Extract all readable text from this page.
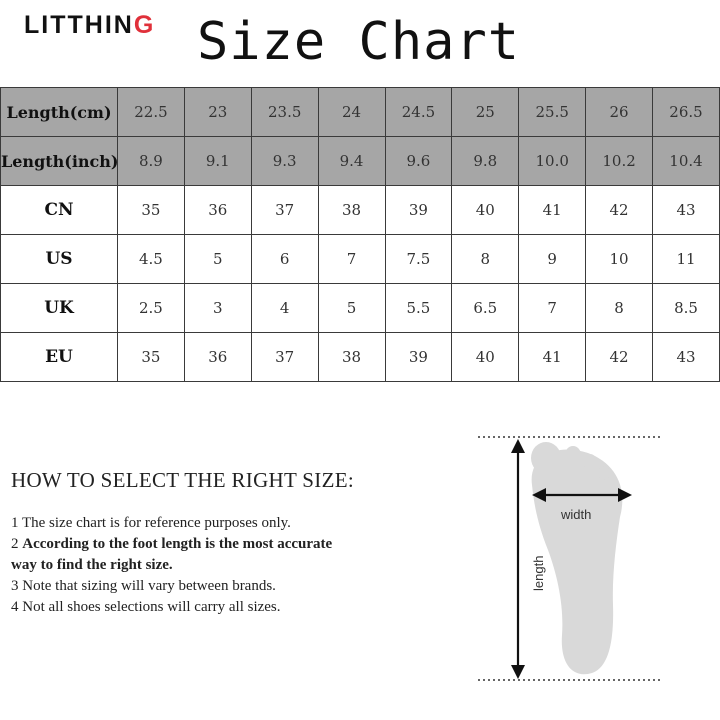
LITTHING Size Chart
Length(cm)	22.5	23	23.5	24	24.5	25	25.5	26	26.5
Length(inch)	8.9	9.1	9.3	9.4	9.6	9.8	10.0	10.2	10.4
CN	35	36	37	38	39	40	41	42	43
US	4.5	5	6	7	7.5	8	9	10	11
UK	2.5	3	4	5	5.5	6.5	7	8	8.5
EU	35	36	37	38	39	40	41	42	43
HOW TO SELECT THE RIGHT SIZE:

1 The size chart is for reference purposes only.

2 According to the foot length is the most accurate way to find the right size.

3 Note that sizing will vary between brands.

4 Not all shoes selections will carry all sizes.

width
length
